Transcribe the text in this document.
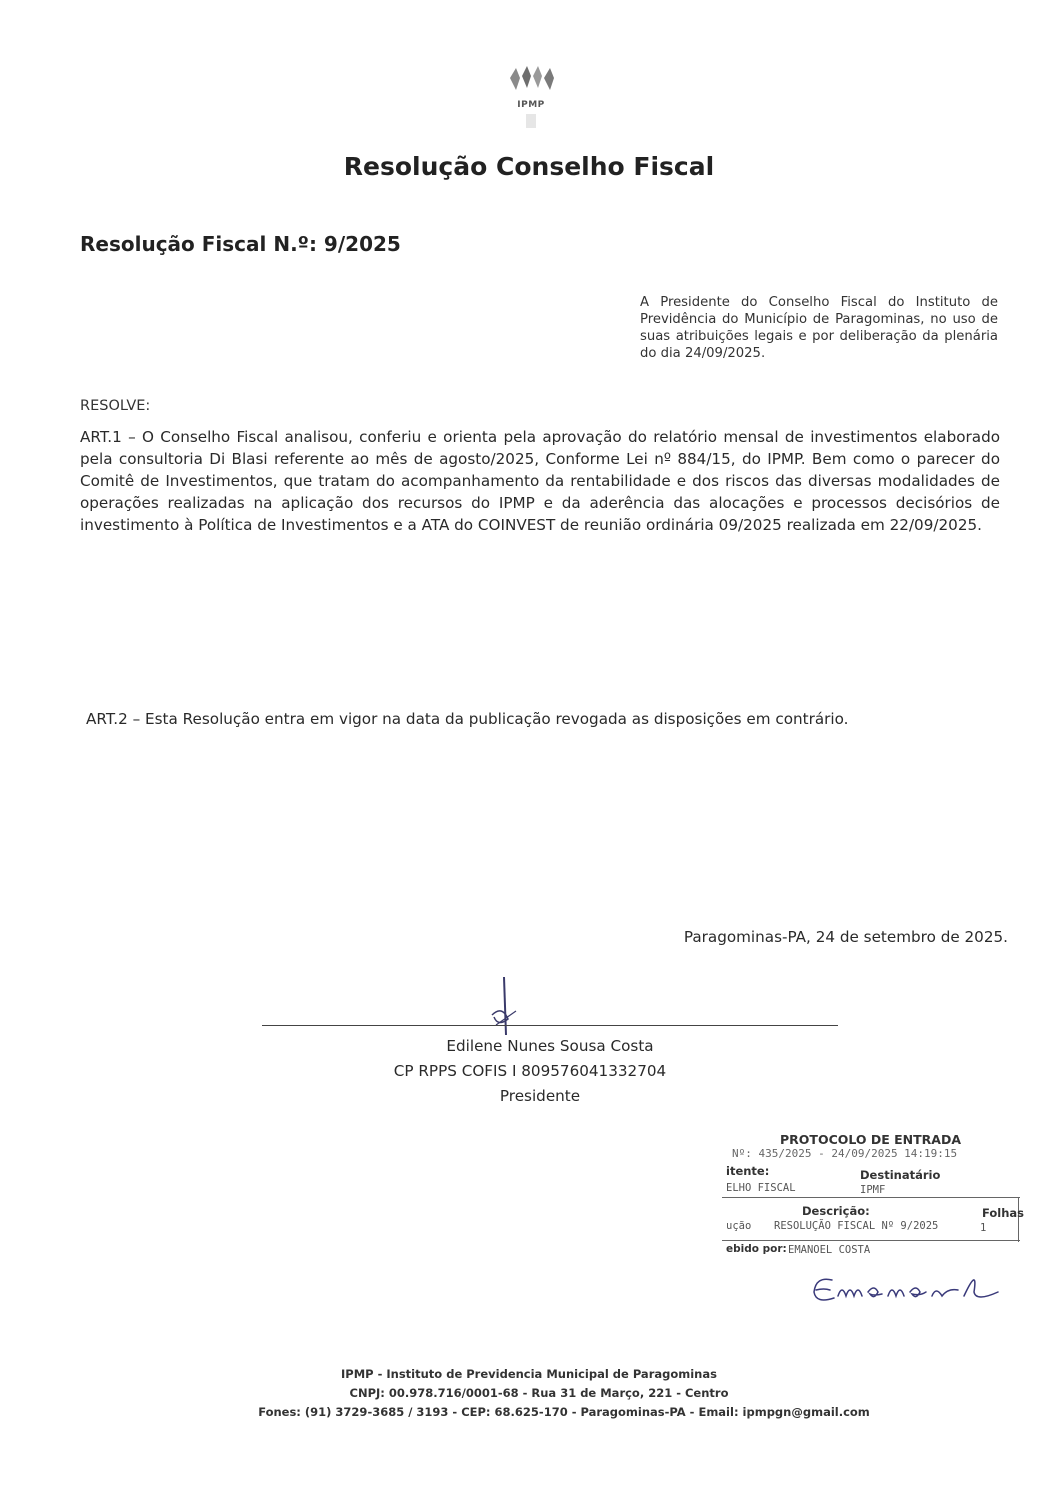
IPMP
Resolução Conselho Fiscal
Resolução Fiscal N.º: 9/2025
A Presidente do Conselho Fiscal do Instituto de Previdência do Município de Paragominas, no uso de suas atribuições legais e por deliberação da plenária do dia 24/09/2025.
RESOLVE:
ART.1 – O Conselho Fiscal analisou, conferiu e orienta pela aprovação do relatório mensal de investimentos elaborado pela consultoria Di Blasi referente ao mês de agosto/2025, Conforme Lei nº 884/15, do IPMP. Bem como o parecer do Comitê de Investimentos, que tratam do acompanhamento da rentabilidade e dos riscos das diversas modalidades de operações realizadas na aplicação dos recursos do IPMP e da aderência das alocações e processos decisórios de investimento à Política de Investimentos e a ATA do COINVEST de reunião ordinária 09/2025 realizada em 22/09/2025.
ART.2 – Esta Resolução entra em vigor na data da publicação revogada as disposições em contrário.
Paragominas-PA, 24 de setembro de 2025.
Edilene Nunes Sousa Costa
CP RPPS COFIS I 809576041332704
Presidente
PROTOCOLO DE ENTRADA
Nº: 435/2025 - 24/09/2025 14:19:15
itente:	Destinatário
ELHO FISCAL	IPMF
Descrição:	Folhas
ução RESOLUÇÃO FISCAL Nº 9/2025	1
ebido por: EMANOEL COSTA
IPMP - Instituto de Previdencia Municipal de Paragominas
CNPJ: 00.978.716/0001-68 - Rua 31 de Março, 221 - Centro
Fones: (91) 3729-3685 / 3193 - CEP: 68.625-170 - Paragominas-PA - Email: ipmpgn@gmail.com
